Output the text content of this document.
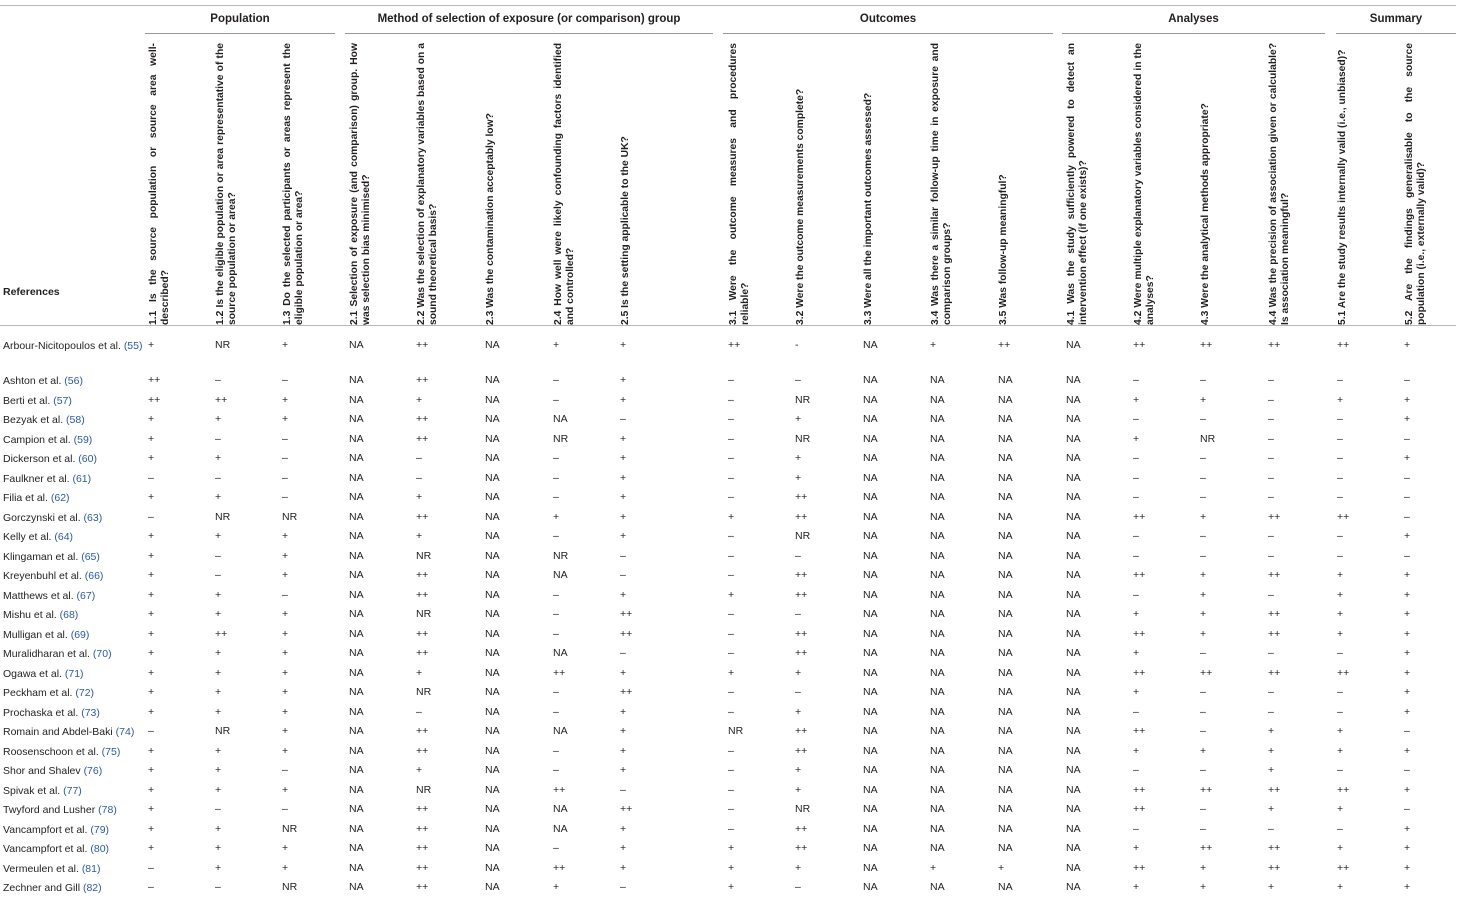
Population	Method of selection of exposure (or comparison) group	Outcomes	Analyses	Summary
1.1 Is the source population or source area well-described?	1.2 Is the eligible population or area representative of the source population or area?	1.3 Do the selected participants or areas represent the eligible population or area?	2.1 Selection of exposure (and comparison) group. How was selection bias minimised?	2.2 Was the selection of explanatory variables based on a sound theoretical basis?	2.3 Was the contamination acceptably low?	2.4 How well were likely confounding factors identified and controlled?	2.5 Is the setting applicable to the UK?	3.1 Were the outcome measures and procedures reliable?	3.2 Were the outcome measurements complete?	3.3 Were all the important outcomes assessed?	3.4 Was there a similar follow-up time in exposure and comparison groups?	3.5 Was follow-up meaningful?	4.1 Was the study sufficiently powered to detect an intervention effect (if one exists)?	4.2 Were multiple explanatory variables considered in the analyses?	4.3 Were the analytical methods appropriate?	4.4 Was the precision of association given or calculable? Is association meaningful?	5.1 Are the study results internally valid (i.e., unbiased)?	5.2 Are the findings generalisable to the source population (i.e., externally valid)?
References
Arbour-Nicitopoulos et al. (55) +	NR	+	NA	++	NA	+	+	++	-	NA	+	++	NA	++	++	++	++	+
Ashton et al. (56)	++	–	–	NA	++	NA	–	+	–	–	NA	NA	NA	NA	–	–	–	–	–
Berti et al. (57)	++	++	+	NA	+	NA	–	+	–	NR	NA	NA	NA	NA	+	+	–	+	+
Bezyak et al. (58)	+	+	+	NA	++	NA	NA	–	–	+	NA	NA	NA	NA	–	–	–	–	+
Campion et al. (59)	+	–	–	NA	++	NA	NR	+	–	NR	NA	NA	NA	NA	+	NR	–	–	–
Dickerson et al. (60)	+	+	–	NA	–	NA	–	+	–	+	NA	NA	NA	NA	–	–	–	–	+
Faulkner et al. (61)	–	–	–	NA	–	NA	–	+	–	+	NA	NA	NA	NA	–	–	–	–	–
Filia et al. (62)	+	+	–	NA	+	NA	–	+	–	++	NA	NA	NA	NA	–	–	–	–	–
Gorczynski et al. (63)	–	NR	NR	NA	++	NA	+	+	+	++	NA	NA	NA	NA	++	+	++	++	–
Kelly et al. (64)	+	+	+	NA	+	NA	–	+	–	NR	NA	NA	NA	NA	–	–	–	–	+
Klingaman et al. (65)	+	–	+	NA	NR	NA	NR	–	–	–	NA	NA	NA	NA	–	–	–	–	–
Kreyenbuhl et al. (66)	+	–	+	NA	++	NA	NA	–	–	++	NA	NA	NA	NA	++	+	++	+	+
Matthews et al. (67)	+	+	–	NA	++	NA	–	+	+	++	NA	NA	NA	NA	–	+	–	+	+
Mishu et al. (68)	+	+	+	NA	NR	NA	–	++	–	–	NA	NA	NA	NA	+	+	++	+	+
Mulligan et al. (69)	+	++	+	NA	++	NA	–	++	–	++	NA	NA	NA	NA	++	+	++	+	+
Muralidharan et al. (70)	+	+	+	NA	++	NA	NA	–	–	++	NA	NA	NA	NA	+	–	–	–	+
Ogawa et al. (71)	+	+	+	NA	+	NA	++	+	+	+	NA	NA	NA	NA	++	++	++	++	+
Peckham et al. (72)	+	+	+	NA	NR	NA	–	++	–	–	NA	NA	NA	NA	+	–	–	–	+
Prochaska et al. (73)	+	+	+	NA	–	NA	–	+	–	+	NA	NA	NA	NA	–	–	–	–	+
Romain and Abdel-Baki (74)	–	NR	+	NA	++	NA	NA	+	NR	++	NA	NA	NA	NA	++	–	+	+	–
Roosenschoon et al. (75)	+	+	+	NA	++	NA	–	+	–	++	NA	NA	NA	NA	+	+	+	+	+
Shor and Shalev (76)	+	+	–	NA	+	NA	–	+	–	+	NA	NA	NA	NA	–	–	+	–	–
Spivak et al. (77)	+	+	+	NA	NR	NA	++	–	–	+	NA	NA	NA	NA	++	++	++	++	+
Twyford and Lusher (78)	+	–	–	NA	++	NA	NA	++	–	NR	NA	NA	NA	NA	++	–	+	+	–
Vancampfort et al. (79)	+	+	NR	NA	++	NA	NA	+	–	++	NA	NA	NA	NA	–	–	–	–	+
Vancampfort et al. (80)	+	+	+	NA	++	NA	–	+	+	++	NA	NA	NA	NA	+	++	++	+	+
Vermeulen et al. (81)	–	+	+	NA	++	NA	++	+	+	+	NA	+	+	NA	++	+	++	++	+
Zechner and Gill (82)	–	–	NR	NA	++	NA	+	–	+	–	NA	NA	NA	NA	+	+	+	+	+
